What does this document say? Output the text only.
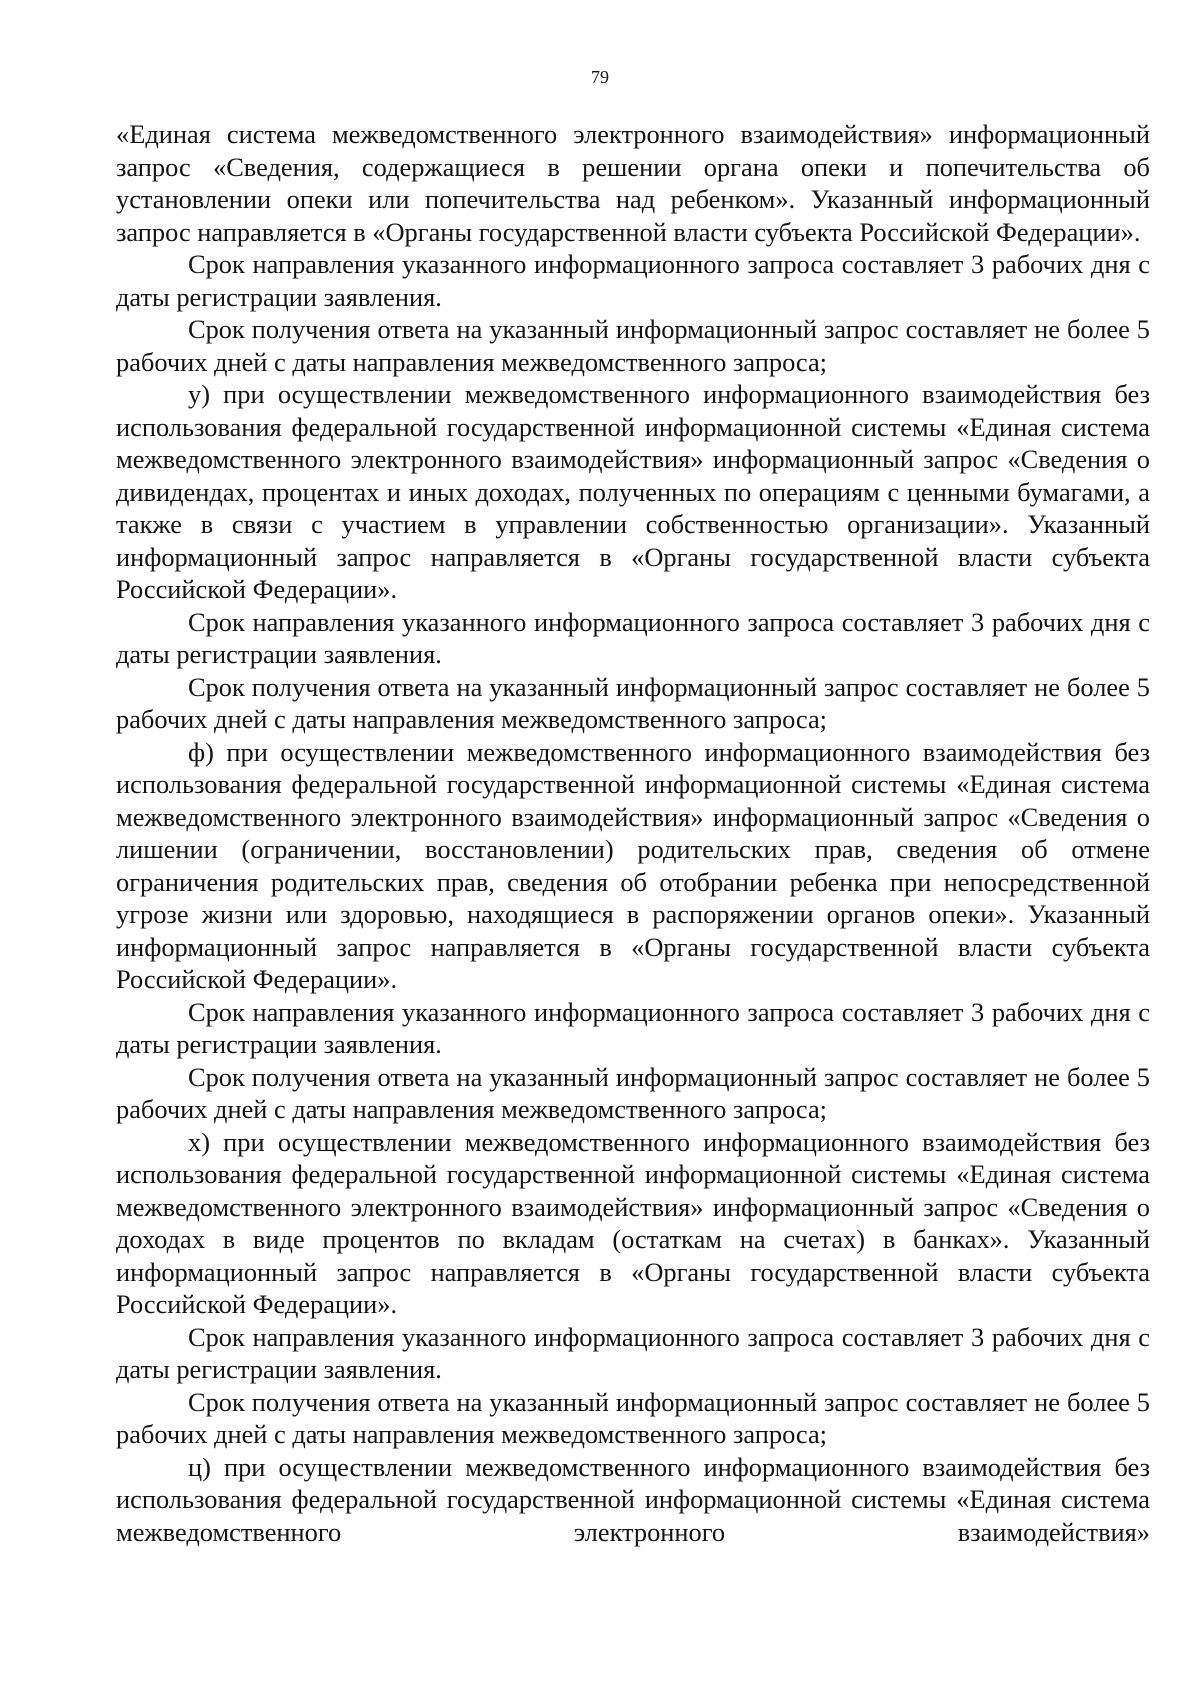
79

«Единая система межведомственного электронного взаимодействия» информационный запрос «Сведения, содержащиеся в решении органа опеки и попечительства об установлении опеки или попечительства над ребенком». Указанный информационный запрос направляется в «Органы государственной власти субъекта Российской Федерации».

Срок направления указанного информационного запроса составляет 3 рабочих дня с даты регистрации заявления.

Срок получения ответа на указанный информационный запрос составляет не более 5 рабочих дней с даты направления межведомственного запроса;

у) при осуществлении межведомственного информационного взаимодействия без использования федеральной государственной информационной системы «Единая система межведомственного электронного взаимодействия» информационный запрос «Сведения о дивидендах, процентах и иных доходах, полученных по операциям с ценными бумагами, а также в связи с участием в управлении собственностью организации». Указанный информационный запрос направляется в «Органы государственной власти субъекта Российской Федерации».

Срок направления указанного информационного запроса составляет 3 рабочих дня с даты регистрации заявления.

Срок получения ответа на указанный информационный запрос составляет не более 5 рабочих дней с даты направления межведомственного запроса;

ф) при осуществлении межведомственного информационного взаимодействия без использования федеральной государственной информационной системы «Единая система межведомственного электронного взаимодействия» информационный запрос «Сведения о лишении (ограничении, восстановлении) родительских прав, сведения об отмене ограничения родительских прав, сведения об отобрании ребенка при непосредственной угрозе жизни или здоровью, находящиеся в распоряжении органов опеки». Указанный информационный запрос направляется в «Органы государственной власти субъекта Российской Федерации».

Срок направления указанного информационного запроса составляет 3 рабочих дня с даты регистрации заявления.

Срок получения ответа на указанный информационный запрос составляет не более 5 рабочих дней с даты направления межведомственного запроса;

х) при осуществлении межведомственного информационного взаимодействия без использования федеральной государственной информационной системы «Единая система межведомственного электронного взаимодействия» информационный запрос «Сведения о доходах в виде процентов по вкладам (остаткам на счетах) в банках». Указанный информационный запрос направляется в «Органы государственной власти субъекта Российской Федерации».

Срок направления указанного информационного запроса составляет 3 рабочих дня с даты регистрации заявления.

Срок получения ответа на указанный информационный запрос составляет не более 5 рабочих дней с даты направления межведомственного запроса;

ц) при осуществлении межведомственного информационного взаимодействия без использования федеральной государственной информационной системы «Единая система межведомственного электронного взаимодействия»
